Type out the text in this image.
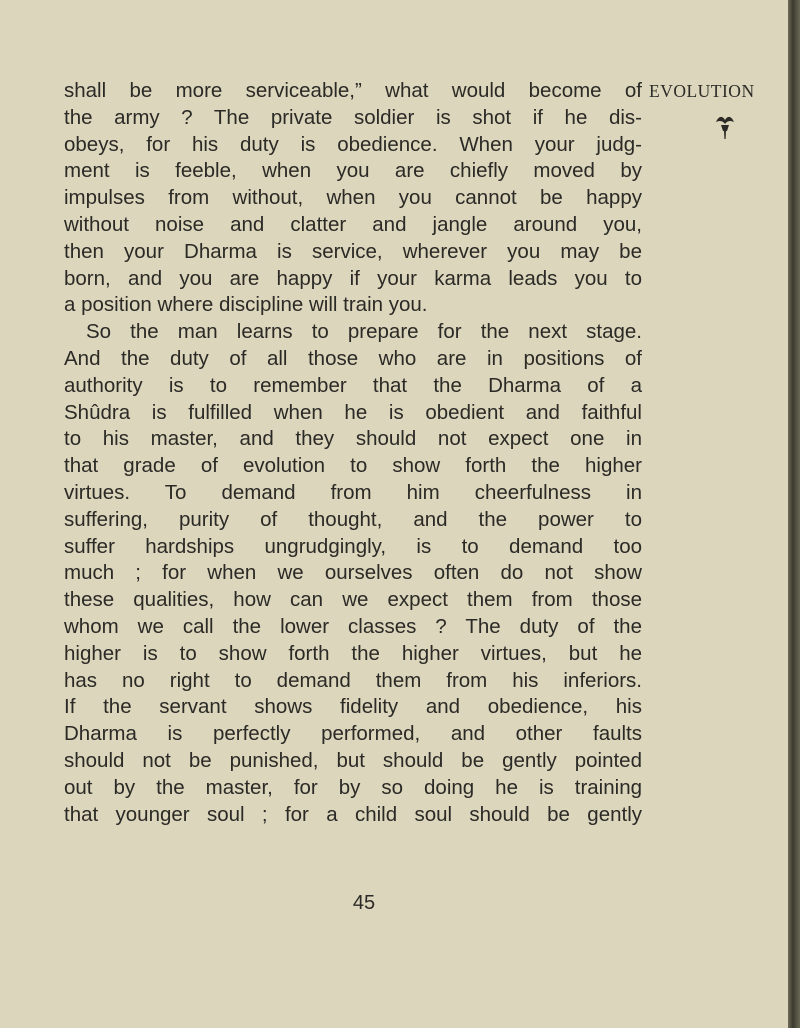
shall be more serviceable,” what would become of
the army ? The private soldier is shot if he dis-
obeys, for his duty is obedience. When your judg-
ment is feeble, when you are chiefly moved by
impulses from without, when you cannot be happy
without noise and clatter and jangle around you,
then your Dharma is service, wherever you may be
born, and you are happy if your karma leads you to
a position where discipline will train you.
So the man learns to prepare for the next stage.
And the duty of all those who are in positions of
authority is to remember that the Dharma of a
Shûdra is fulfilled when he is obedient and faithful
to his master, and they should not expect one in
that grade of evolution to show forth the higher
virtues. To demand from him cheerfulness in
suffering, purity of thought, and the power to
suffer hardships ungrudgingly, is to demand too
much ; for when we ourselves often do not show
these qualities, how can we expect them from those
whom we call the lower classes ? The duty of the
higher is to show forth the higher virtues, but he
has no right to demand them from his inferiors.
If the servant shows fidelity and obedience, his
Dharma is perfectly performed, and other faults
should not be punished, but should be gently pointed
out by the master, for by so doing he is training
that younger soul ; for a child soul should be gently
EVOLUTION
45
